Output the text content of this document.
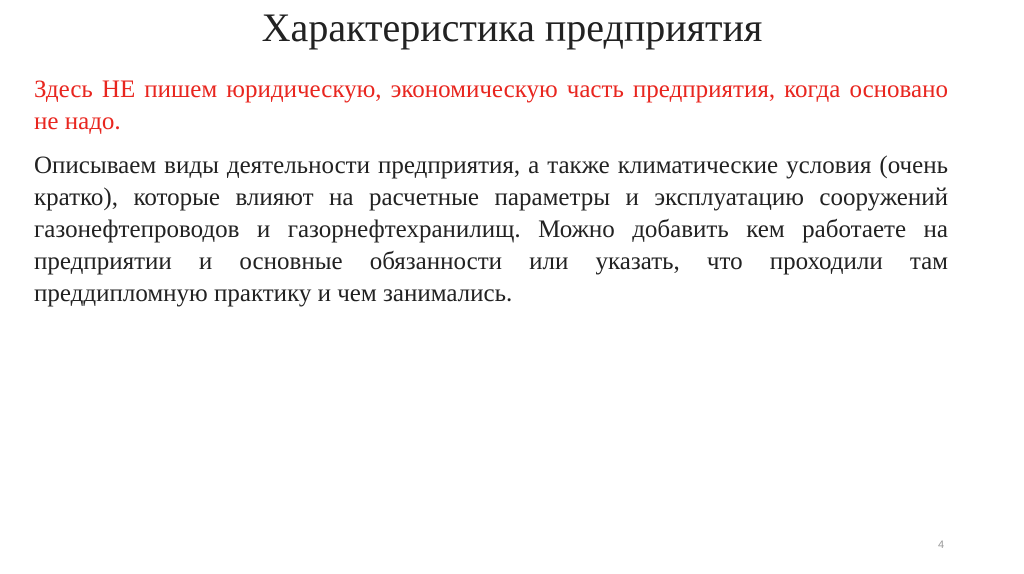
Характеристика предприятия

Здесь НЕ пишем юридическую, экономическую часть предприятия, когда основано не надо.

Описываем виды деятельности предприятия, а также климатические условия (очень кратко), которые влияют на расчетные параметры и эксплуатацию сооружений газонефтепроводов и газорнефтехранилищ. Можно добавить кем работаете на предприятии и основные обязанности или указать, что проходили там преддипломную практику и чем занимались.

4
